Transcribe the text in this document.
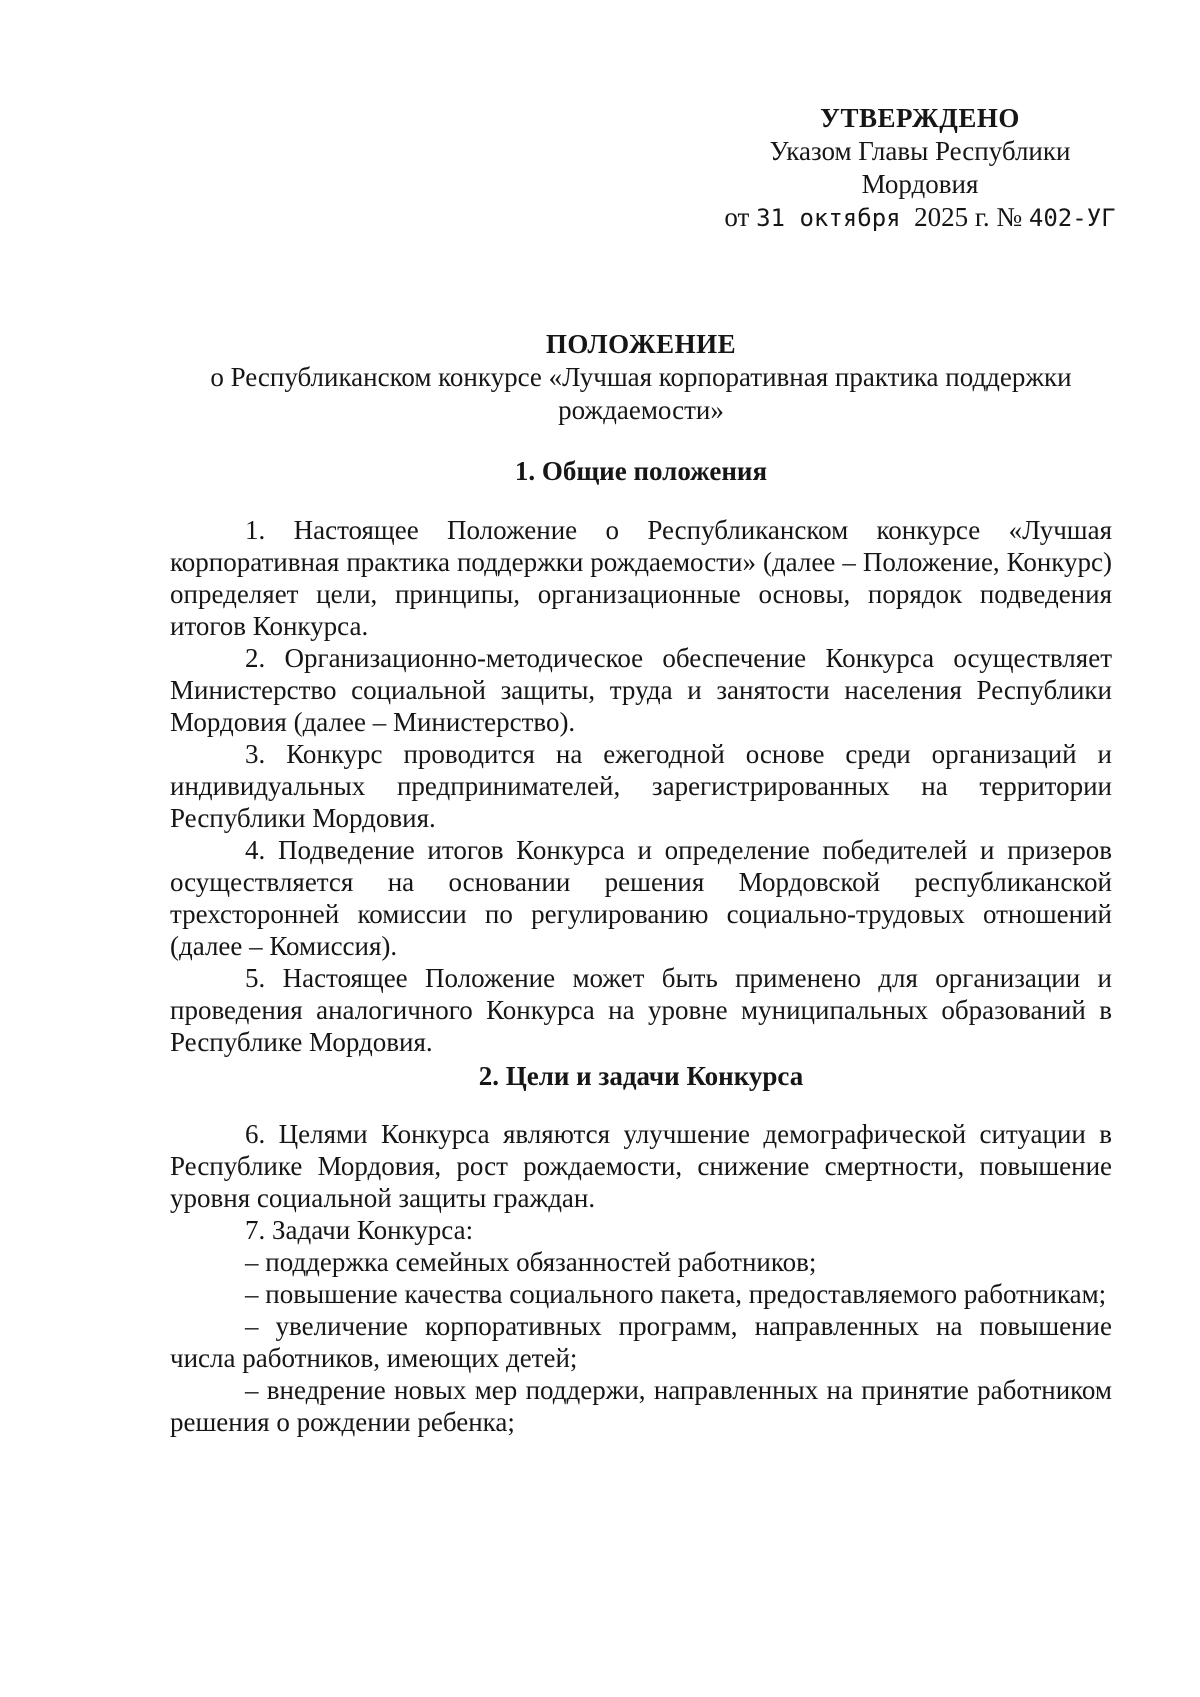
УТВЕРЖДЕНО
Указом Главы Республики
Мордовия
от 31 октября 2025 г. № 402-УГ
ПОЛОЖЕНИЕ
о Республиканском конкурсе «Лучшая корпоративная практика поддержки рождаемости»
1. Общие положения

1. Настоящее Положение о Республиканском конкурсе «Лучшая корпоративная практика поддержки рождаемости» (далее – Положение, Конкурс) определяет цели, принципы, организационные основы, порядок подведения итогов Конкурса.

2. Организационно-методическое обеспечение Конкурса осуществляет Министерство социальной защиты, труда и занятости населения Республики Мордовия (далее – Министерство).

3. Конкурс проводится на ежегодной основе среди организаций и индивидуальных предпринимателей, зарегистрированных на территории Республики Мордовия.

4. Подведение итогов Конкурса и определение победителей и призеров осуществляется на основании решения Мордовской республиканской трехсторонней комиссии по регулированию социально-трудовых отношений (далее – Комиссия).

5. Настоящее Положение может быть применено для организации и проведения аналогичного Конкурса на уровне муниципальных образований в Республике Мордовия.

2. Цели и задачи Конкурса

6. Целями Конкурса являются улучшение демографической ситуации в Республике Мордовия, рост рождаемости, снижение смертности, повышение уровня социальной защиты граждан.

7. Задачи Конкурса:

– поддержка семейных обязанностей работников;

– повышение качества социального пакета, предоставляемого работникам;

– увеличение корпоративных программ, направленных на повышение числа работников, имеющих детей;

– внедрение новых мер поддержи, направленных на принятие работником решения о рождении ребенка;
